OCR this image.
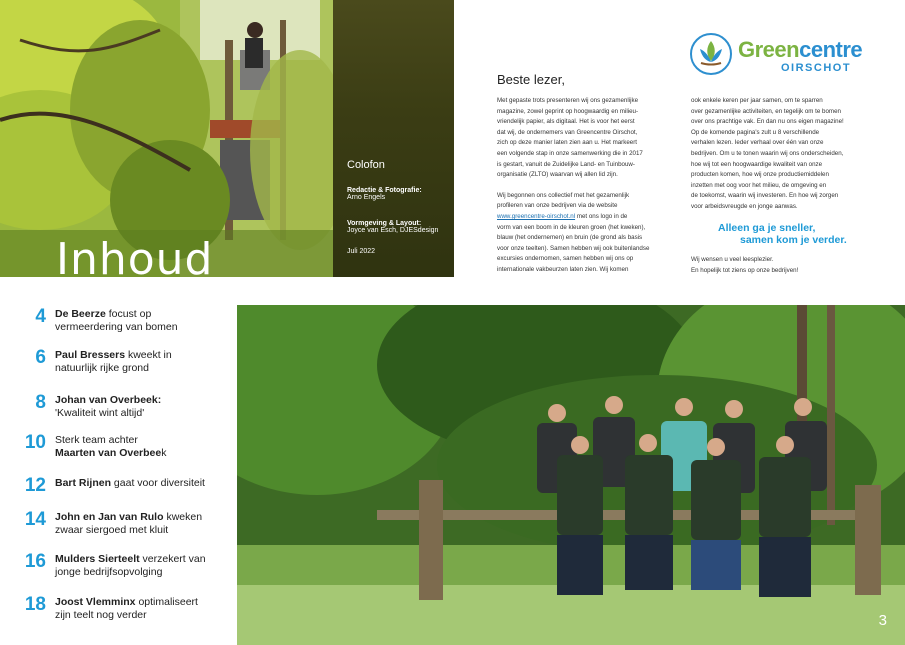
Inhoud
Colofon
Redactie & Fotografie:
Arno Engels
Vormgeving & Layout:
Joyce van Esch, DJESdesign
Juli 2022
Greencentre
OIRSCHOT
Beste lezer,
Met gepaste trots presenteren wij ons gezamenlijke
magazine, zowel geprint op hoogwaardig en milieu-
vriendelijk papier, als digitaal. Het is voor het eerst
dat wij, de ondernemers van Greencentre Oirschot,
zich op deze manier laten zien aan u. Het markeert
een volgende stap in onze samenwerking die in 2017
is gestart, vanuit de Zuidelijke Land- en Tuinbouw-
organisatie (ZLTO) waarvan wij allen lid zijn.
Wij begonnen ons collectief met het gezamenlijk
profileren van onze bedrijven via de website
www.greencentre-oirschot.nl met ons logo in de
vorm van een boom in de kleuren groen (het kweken),
blauw (het ondernemen) en bruin (de grond als basis
voor onze teelten). Samen hebben wij ook buitenlandse
excursies ondernomen, samen hebben wij ons op
internationale vakbeurzen laten zien. Wij komen
ook enkele keren per jaar samen, om te sparren
over gezamenlijke activiteiten, en tegelijk om te bomen
over ons prachtige vak. En dan nu ons eigen magazine!
Op de komende pagina's zult u 8 verschillende
verhalen lezen. Ieder verhaal over één van onze
bedrijven. Om u te tonen waarin wij ons onderscheiden,
hoe wij tot een hoogwaardige kwaliteit van onze
producten komen, hoe wij onze productiemiddelen
inzetten met oog voor het milieu, de omgeving en
de toekomst, waarin wij investeren. En hoe wij zorgen
voor arbeidsvreugde en jonge aanwas.
Alleen ga je sneller,
samen kom je verder.
Wij wensen u veel leesplezier.
En hopelijk tot ziens op onze bedrijven!
4 De Beerze focust op
vermeerdering van bomen
6 Paul Bressers kweekt in
natuurlijk rijke grond
8 Johan van Overbeek:
'Kwaliteit wint altijd'
10 Sterk team achter
Maarten van Overbeek
12 Bart Rijnen gaat voor diversiteit
14 John en Jan van Rulo kweken
zwaar siergoed met kluit
16 Mulders Sierteelt verzekert van
jonge bedrijfsopvolging
18 Joost Vlemminx optimaliseert
zijn teelt nog verder	3
